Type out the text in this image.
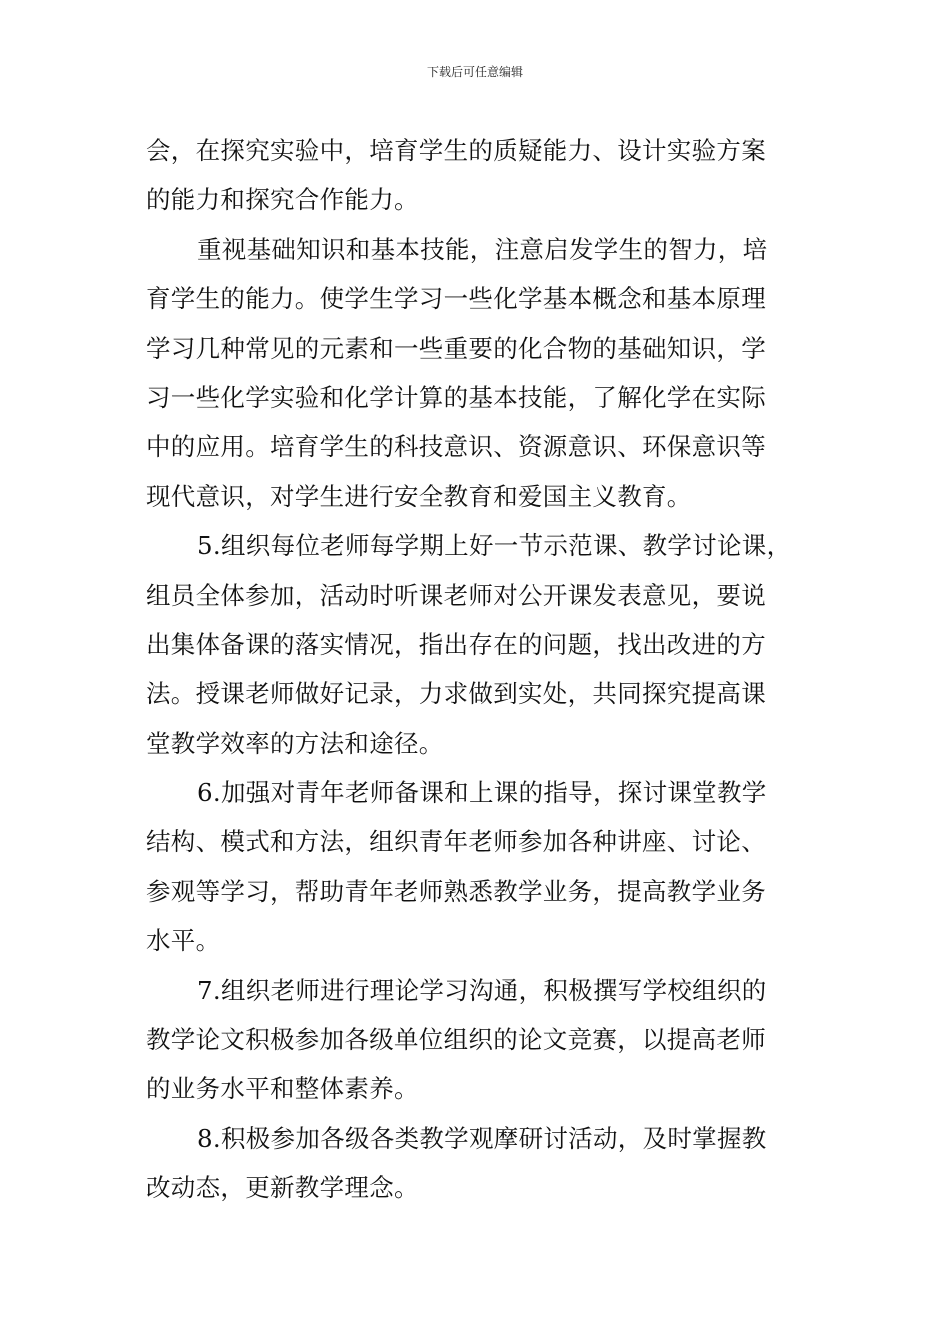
下载后可任意编辑
会，在探究实验中，培育学生的质疑能力、设计实验方案
的能力和探究合作能力。
重视基础知识和基本技能，注意启发学生的智力，培
育学生的能力。使学生学习一些化学基本概念和基本原理
学习几种常见的元素和一些重要的化合物的基础知识，学
习一些化学实验和化学计算的基本技能，了解化学在实际
中的应用。培育学生的科技意识、资源意识、环保意识等
现代意识，对学生进行安全教育和爱国主义教育。
5.组织每位老师每学期上好一节示范课、教学讨论课，
组员全体参加，活动时听课老师对公开课发表意见，要说
出集体备课的落实情况，指出存在的问题，找出改进的方
法。授课老师做好记录，力求做到实处，共同探究提高课
堂教学效率的方法和途径。
6.加强对青年老师备课和上课的指导，探讨课堂教学
结构、模式和方法，组织青年老师参加各种讲座、讨论、
参观等学习，帮助青年老师熟悉教学业务，提高教学业务
水平。
7.组织老师进行理论学习沟通，积极撰写学校组织的
教学论文积极参加各级单位组织的论文竞赛，以提高老师
的业务水平和整体素养。
8.积极参加各级各类教学观摩研讨活动，及时掌握教
改动态，更新教学理念。
